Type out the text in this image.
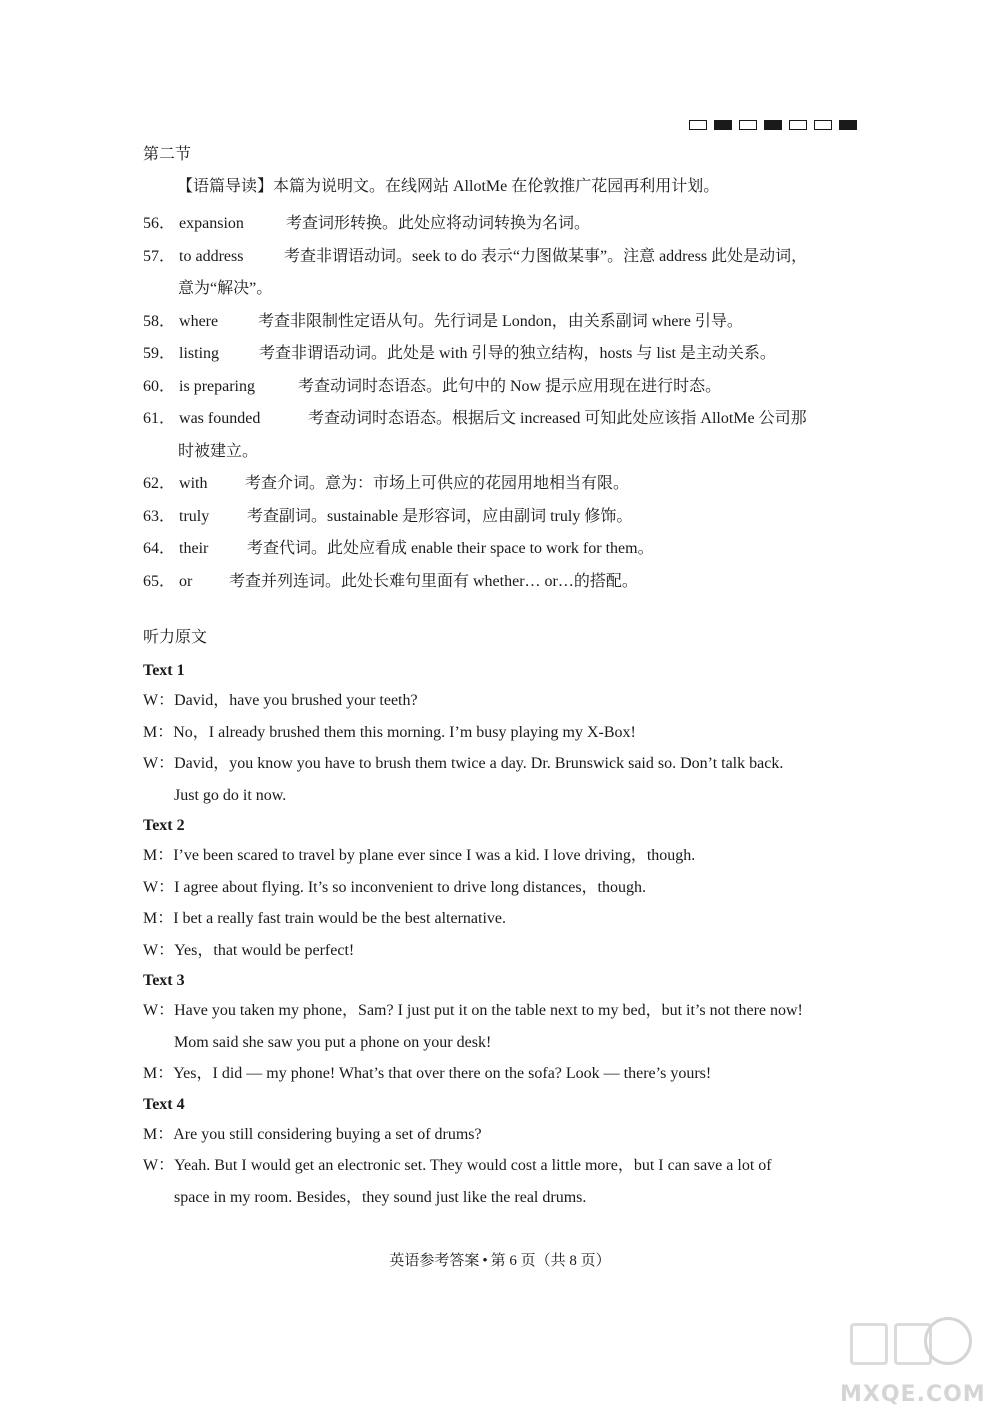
第二节
【语篇导读】本篇为说明文。在线网站 AllotMe 在伦敦推广花园再利用计划。
56． expansion	考查词形转换。此处应将动词转换为名词。
57． to address	考查非谓语动词。seek to do 表示“力图做某事”。注意 address 此处是动词，
意为“解决”。
58． where 考查非限制性定语从句。先行词是 London，由关系副词 where 引导。
59． listing 考查非谓语动词。此处是 with 引导的独立结构，hosts 与 list 是主动关系。
60． is preparing	考查动词时态语态。此句中的 Now 提示应用现在进行时态。
61． was founded	考查动词时态语态。根据后文 increased 可知此处应该指 AllotMe 公司那
时被建立。
62． with 考查介词。意为：市场上可供应的花园用地相当有限。
63． truly 考查副词。sustainable 是形容词，应由副词 truly 修饰。
64． their 考查代词。此处应看成 enable their space to work for them。
65． or 考查并列连词。此处长难句里面有 whether… or…的搭配。
听力原文
Text 1
W：David，have you brushed your teeth?
M：No，I already brushed them this morning. I’m busy playing my X-Box!
W：David，you know you have to brush them twice a day. Dr. Brunswick said so. Don’t talk back.
Just go do it now.
Text 2
M：I’ve been scared to travel by plane ever since I was a kid. I love driving，though.
W：I agree about flying. It’s so inconvenient to drive long distances，though.
M：I bet a really fast train would be the best alternative.
W：Yes，that would be perfect!
Text 3
W：Have you taken my phone，Sam? I just put it on the table next to my bed，but it’s not there now!
Mom said she saw you put a phone on your desk!
M：Yes，I did — my phone! What’s that over there on the sofa? Look — there’s yours!
Text 4
M：Are you still considering buying a set of drums?
W：Yeah. But I would get an electronic set. They would cost a little more，but I can save a lot of
space in my room. Besides，they sound just like the real drums.
英语参考答案 • 第 6 页（共 8 页）
MXQE.COM
